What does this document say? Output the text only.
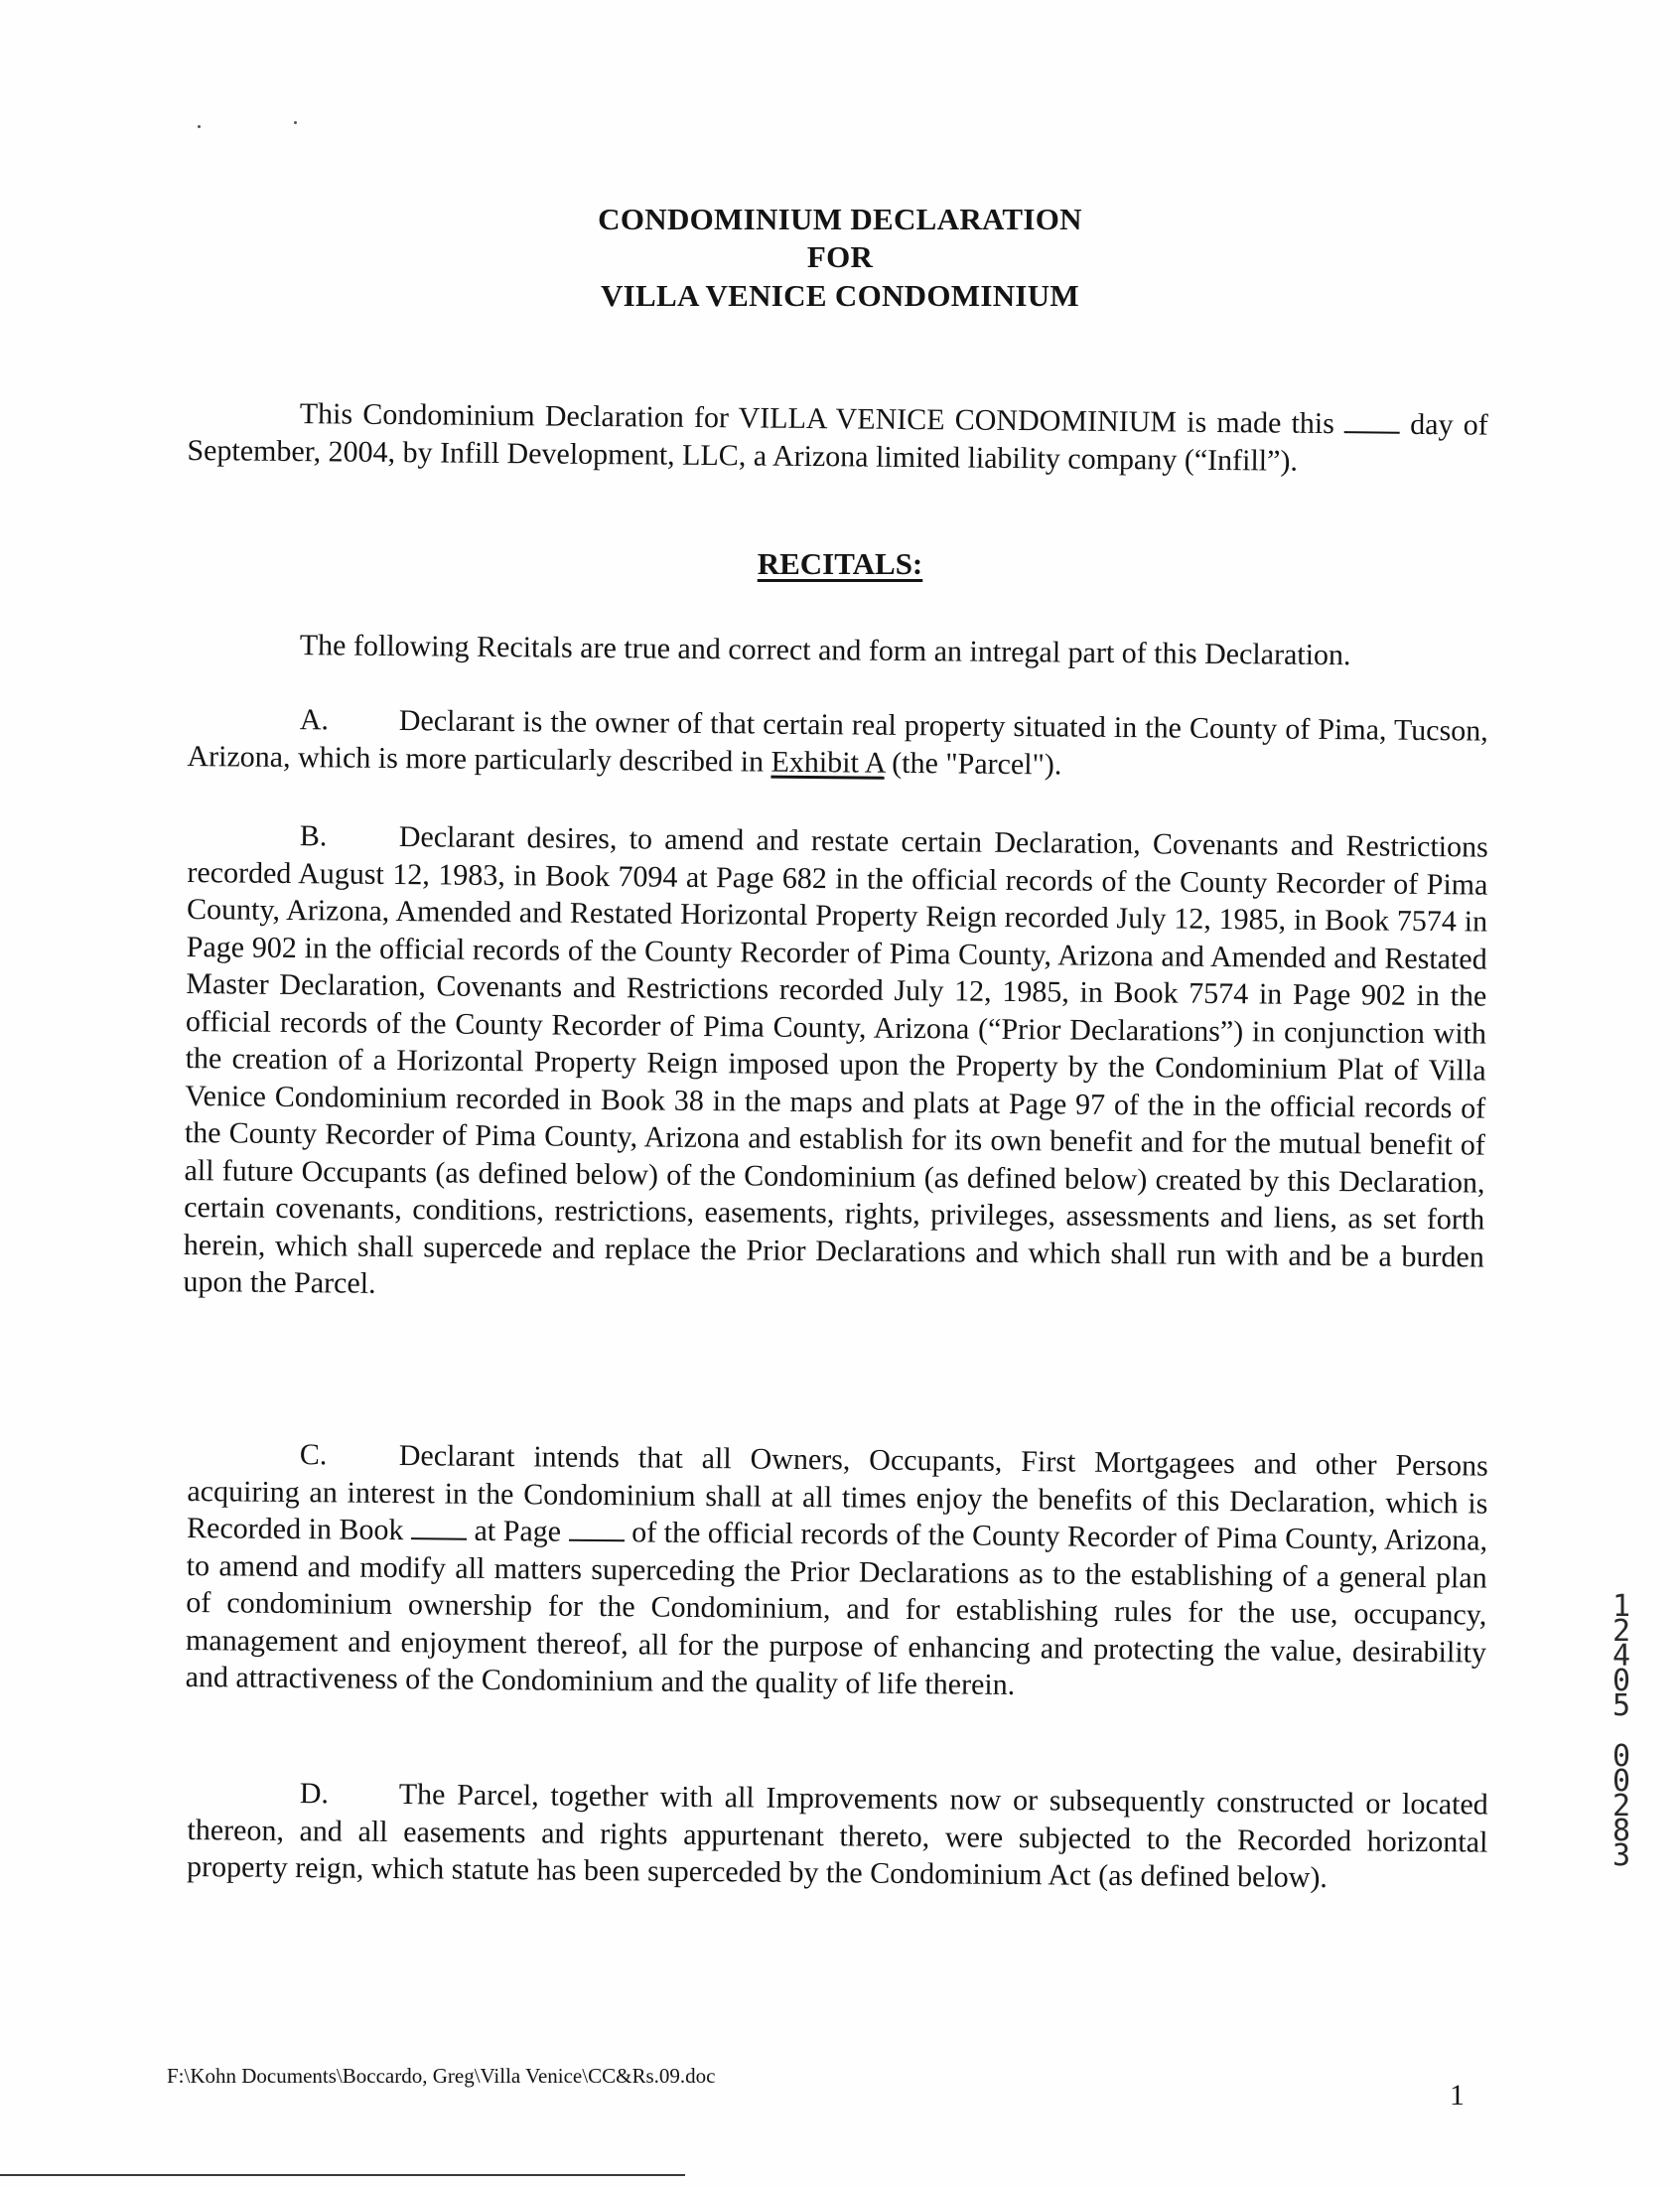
CONDOMINIUM DECLARATION
FOR
VILLA VENICE CONDOMINIUM
This Condominium Declaration for VILLA VENICE CONDOMINIUM is made this	day of September, 2004, by Infill Development, LLC, a Arizona limited liability company (“Infill”).
RECITALS:
The following Recitals are true and correct and form an intregal part of this Declaration.
A. Declarant is the owner of that certain real property situated in the County of Pima, Tucson, Arizona, which is more particularly described in Exhibit A (the "Parcel").
B. Declarant desires, to amend and restate certain Declaration, Covenants and Restrictions recorded August 12, 1983, in Book 7094 at Page 682 in the official records of the County Recorder of Pima County, Arizona, Amended and Restated Horizontal Property Reign recorded July 12, 1985, in Book 7574 in Page 902 in the official records of the County Recorder of Pima County, Arizona and Amended and Restated Master Declaration, Covenants and Restrictions recorded July 12, 1985, in Book 7574 in Page 902 in the official records of the County Recorder of Pima County, Arizona (“Prior Declarations”) in conjunction with the creation of a Horizontal Property Reign imposed upon the Property by the Condominium Plat of Villa Venice Condominium recorded in Book 38 in the maps and plats at Page 97 of the in the official records of the County Recorder of Pima County, Arizona and establish for its own benefit and for the mutual benefit of all future Occupants (as defined below) of the Condominium (as defined below) created by this Declaration, certain covenants, conditions, restrictions, easements, rights, privileges, assessments and liens, as set forth herein, which shall supercede and replace the Prior Declarations and which shall run with and be a burden upon the Parcel.
C. Declarant intends that all Owners, Occupants, First Mortgagees and other Persons acquiring an interest in the Condominium shall at all times enjoy the benefits of this Declaration, which is Recorded in Book at Page of the official records of the County Recorder of Pima County, Arizona, to amend and modify all matters superceding the Prior Declarations as to the establishing of a general plan of condominium ownership for the Condominium, and for establishing rules for the use, occupancy, management and enjoyment thereof, all for the purpose of enhancing and protecting the value, desirability and attractiveness of the Condominium and the quality of life therein.
D. The Parcel, together with all Improvements now or subsequently constructed or located thereon, and all easements and rights appurtenant thereto, were subjected to the Recorded horizontal property reign, which statute has been superceded by the Condominium Act (as defined below).
1
2
4
0
5
0
0
2
8
3
F:\Kohn Documents\Boccardo, Greg\Villa Venice\CC&Rs.09.doc
1
